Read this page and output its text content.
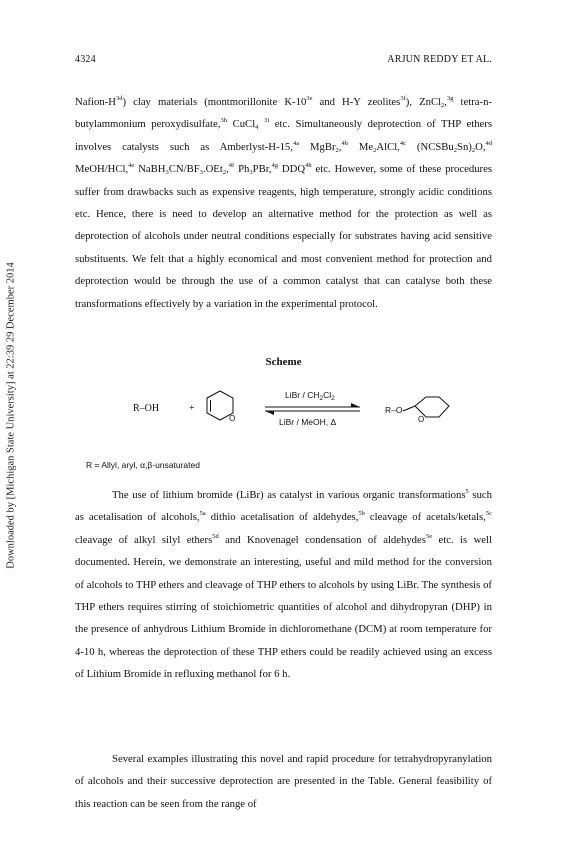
Downloaded by [Michigan State University] at 22:39 29 December 2014
4324	ARJUN REDDY ET AL.
Nafion-$H^{3d}$) clay materials (montmorillonite $K-10^{3e}$ and H-Y zeolites$^{3f}$), ZnCl$_2$,$^{3g}$ tetra-n-butylammonium peroxydisulfate,$^{3h}$ CuCl$_4$ $^{3i}$ etc. Simultaneously deprotection of THP ethers involves catalysts such as Amberlyst-H-15,$^{4a}$ MgBr$_2$,$^{4b}$ $Me_2AlCl,^{4c}$ $(NCSBu_2Sn)_2O,^{4d}$ MeOH/HCl,$^{4e}$ $NaBH_3CN/BF_3.OEt_2,^{4f}$ $Ph_3PBr,^{4g}$ $DDQ^{4h}$ etc. However, some of these procedures suffer from drawbacks such as expensive reagents, high temperature, strongly acidic conditions etc. Hence, there is need to develop an alternative method for the protection as well as deprotection of alcohols under neutral conditions especially for substrates having acid sensitive substituents. We felt that a highly economical and most convenient method for protection and deprotection would be through the use of a common catalyst that can catalyse both these transformations effectively by a variation in the experimental protocol.
Scheme
R–OH	+
O
LiBr / $CH_2Cl_2$
LiBr / MeOH, Δ
R–O
O
R = Allyl, aryl, α,β-unsaturated
The use of lithium bromide (LiBr) as catalyst in various organic transformations$^5$ such as acetalisation of alcohols,$^{5a}$ dithio acetalisation of aldehydes,$^{5b}$ cleavage of acetals/ketals,$^{5c}$ cleavage of alkyl silyl ethers$^{5d}$ and Knovenagel condensation of aldehydes$^{5e}$ etc. is well documented. Herein, we demonstrate an interesting, useful and mild method for the conversion of alcohols to THP ethers and cleavage of THP ethers to alcohols by using LiBr. The synthesis of THP ethers requires stirring of stoichiometric quantities of alcohol and dihydropyran (DHP) in the presence of anhydrous Lithium Bromide in dichloromethane (DCM) at room temperature for 4-10 h, whereas the deprotection of these THP ethers could be readily achieved using an excess of Lithium Bromide in refluxing methanol for 6 h.
Several examples illustrating this novel and rapid procedure for tetrahydropyranylation of alcohols and their successive deprotection are presented in the Table. General feasibility of this reaction can be seen from the range of
